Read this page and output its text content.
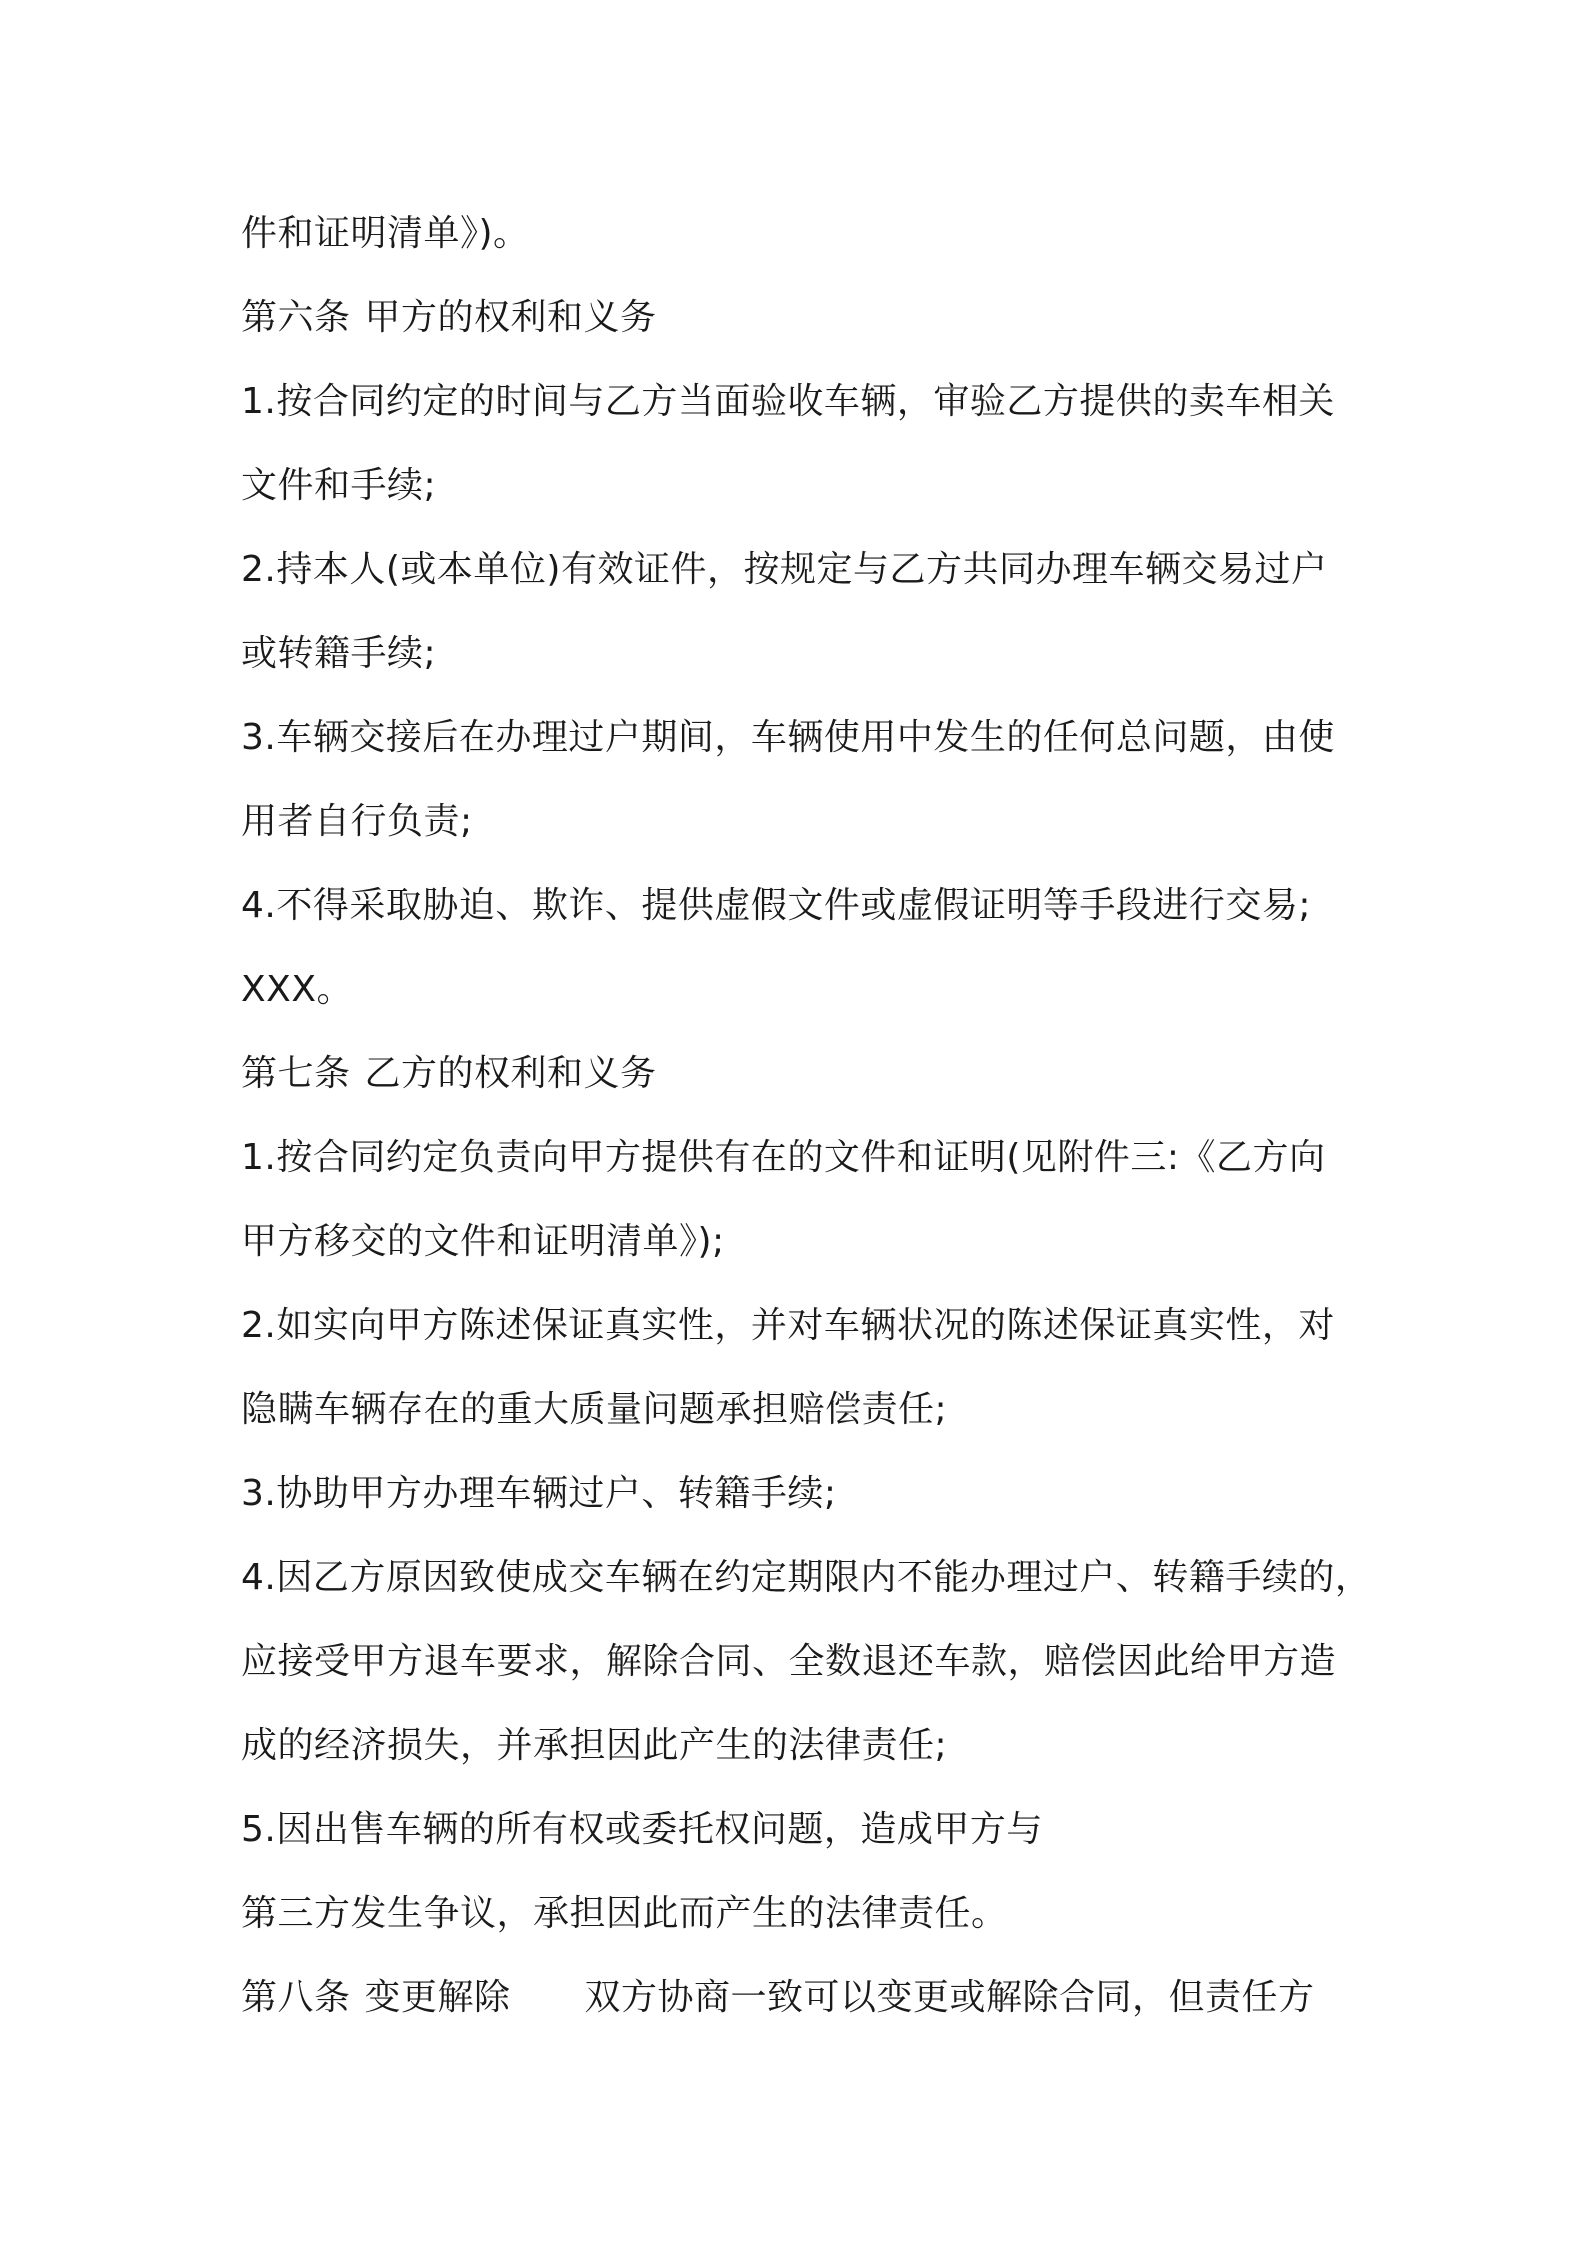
件和证明清单》)。
第六条 甲方的权利和义务
1.按合同约定的时间与乙方当面验收车辆，审验乙方提供的卖车相关
文件和手续;
2.持本人(或本单位)有效证件，按规定与乙方共同办理车辆交易过户
或转籍手续;
3.车辆交接后在办理过户期间，车辆使用中发生的任何总问题，由使
用者自行负责;
4.不得采取胁迫、欺诈、提供虚假文件或虚假证明等手段进行交易;
XXX。
第七条 乙方的权利和义务
1.按合同约定负责向甲方提供有在的文件和证明(见附件三:《乙方向
甲方移交的文件和证明清单》);
2.如实向甲方陈述保证真实性，并对车辆状况的陈述保证真实性，对
隐瞒车辆存在的重大质量问题承担赔偿责任;
3.协助甲方办理车辆过户、转籍手续;
4.因乙方原因致使成交车辆在约定期限内不能办理过户、转籍手续的，
应接受甲方退车要求，解除合同、全数退还车款，赔偿因此给甲方造
成的经济损失，并承担因此产生的法律责任;
5.因出售车辆的所有权或委托权问题，造成甲方与
第三方发生争议，承担因此而产生的法律责任。
第八条 变更解除 双方协商一致可以变更或解除合同，但责任方
